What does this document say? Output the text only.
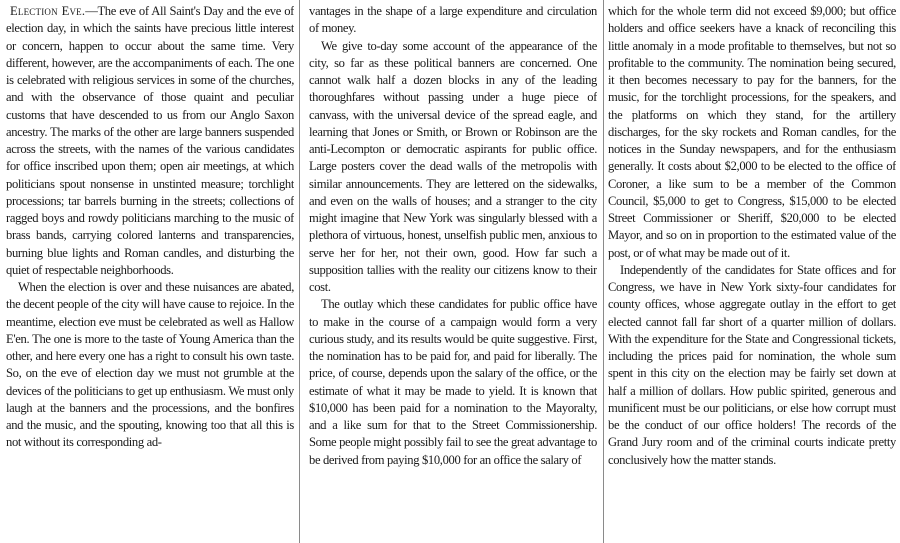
Election Eve.—The eve of All Saint's Day and the eve of election day, in which the saints have precious little interest or concern, happen to occur about the same time. Very different, however, are the accompaniments of each. The one is celebrated with religious services in some of the churches, and with the observance of those quaint and peculiar customs that have descended to us from our Anglo Saxon ancestry. The marks of the other are large banners suspended across the streets, with the names of the various candidates for office inscribed upon them; open air meetings, at which politicians spout nonsense in unstinted measure; torchlight processions; tar barrels burning in the streets; collections of ragged boys and rowdy politicians marching to the music of brass bands, carrying colored lanterns and transparencies, burning blue lights and Roman candles, and disturbing the quiet of respectable neighborhoods.

When the election is over and these nuisances are abated, the decent people of the city will have cause to rejoice. In the meantime, election eve must be celebrated as well as Hallow E'en. The one is more to the taste of Young America than the other, and here every one has a right to consult his own taste. So, on the eve of election day we must not grumble at the devices of the politicians to get up enthusiasm. We must only laugh at the banners and the processions, and the bonfires and the music, and the spouting, knowing too that all this is not without its corresponding ad-

vantages in the shape of a large expenditure and circulation of money.

We give to-day some account of the appearance of the city, so far as these political banners are concerned. One cannot walk half a dozen blocks in any of the leading thoroughfares without passing under a huge piece of canvass, with the universal device of the spread eagle, and learning that Jones or Smith, or Brown or Robinson are the anti-Lecompton or democratic aspirants for public office. Large posters cover the dead walls of the metropolis with similar announcements. They are lettered on the sidewalks, and even on the walls of houses; and a stranger to the city might imagine that New York was singularly blessed with a plethora of virtuous, honest, unselfish public men, anxious to serve her for her, not their own, good. How far such a supposition tallies with the reality our citizens know to their cost.

The outlay which these candidates for public office have to make in the course of a campaign would form a very curious study, and its results would be quite suggestive. First, the nomination has to be paid for, and paid for liberally. The price, of course, depends upon the salary of the office, or the estimate of what it may be made to yield. It is known that $10,000 has been paid for a nomination to the Mayoralty, and a like sum for that to the Street Commissionership. Some people might possibly fail to see the great advantage to be derived from paying $10,000 for an office the salary of

which for the whole term did not exceed $9,000; but office holders and office seekers have a knack of reconciling this little anomaly in a mode profitable to themselves, but not so profitable to the community. The nomination being secured, it then becomes necessary to pay for the banners, for the music, for the torchlight processions, for the speakers, and the platforms on which they stand, for the artillery discharges, for the sky rockets and Roman candles, for the notices in the Sunday newspapers, and for the enthusiasm generally. It costs about $2,000 to be elected to the office of Coroner, a like sum to be a member of the Common Council, $5,000 to get to Congress, $15,000 to be elected Street Commissioner or Sheriff, $20,000 to be elected Mayor, and so on in proportion to the estimated value of the post, or of what may be made out of it.

Independently of the candidates for State offices and for Congress, we have in New York sixty-four candidates for county offices, whose aggregate outlay in the effort to get elected cannot fall far short of a quarter million of dollars. With the expenditure for the State and Congressional tickets, including the prices paid for nomination, the whole sum spent in this city on the election may be fairly set down at half a million of dollars. How public spirited, generous and munificent must be our politicians, or else how corrupt must be the conduct of our office holders! The records of the Grand Jury room and of the criminal courts indicate pretty conclusively how the matter stands.
